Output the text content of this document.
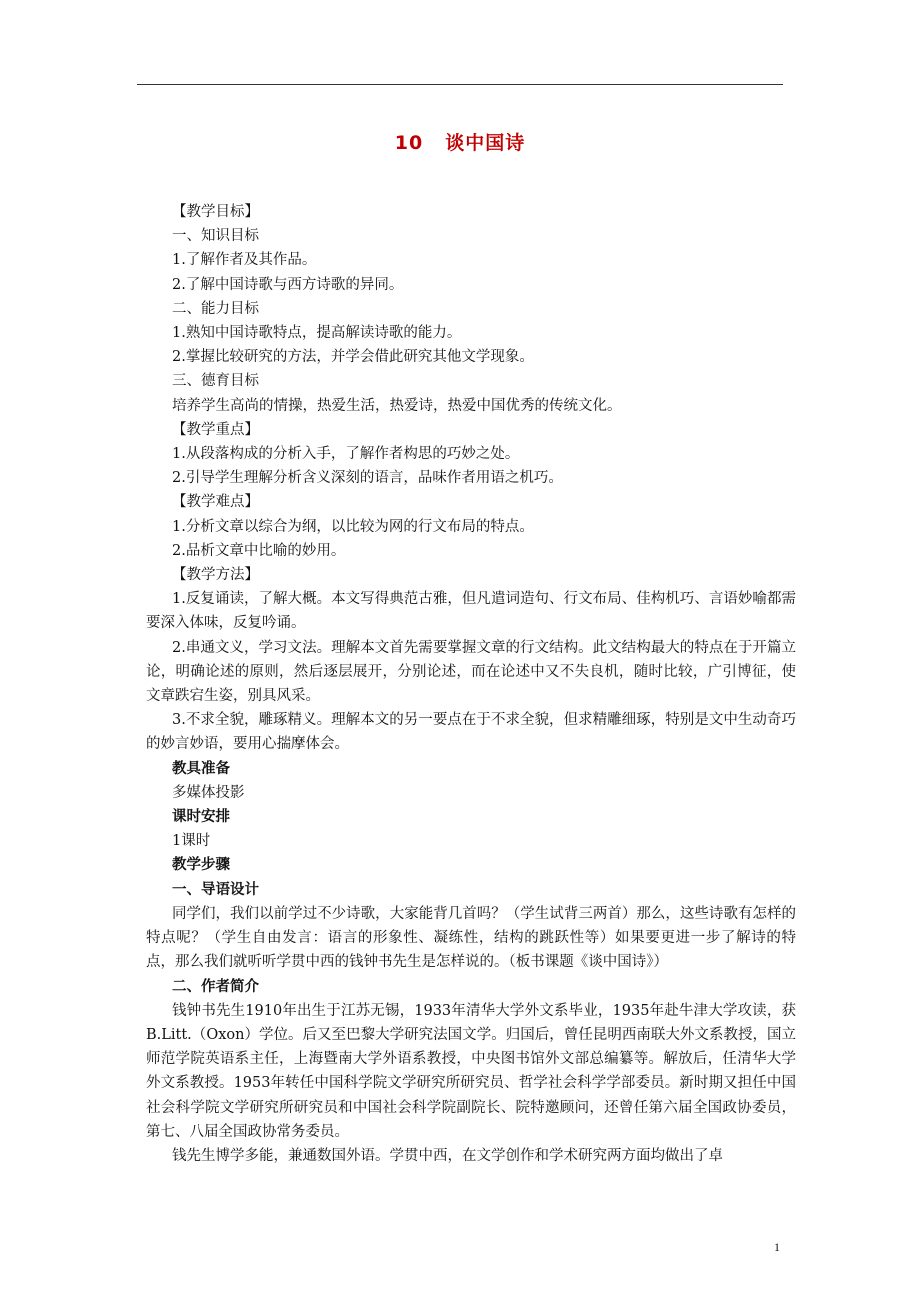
10 谈中国诗

【教学目标】

一、知识目标

1.了解作者及其作品。

2.了解中国诗歌与西方诗歌的异同。

二、能力目标

1.熟知中国诗歌特点，提高解读诗歌的能力。

2.掌握比较研究的方法，并学会借此研究其他文学现象。

三、德育目标

培养学生高尚的情操，热爱生活，热爱诗，热爱中国优秀的传统文化。

【教学重点】

1.从段落构成的分析入手，了解作者构思的巧妙之处。

2.引导学生理解分析含义深刻的语言，品味作者用语之机巧。

【教学难点】

1.分析文章以综合为纲，以比较为网的行文布局的特点。

2.品析文章中比喻的妙用。

【教学方法】

1.反复诵读，了解大概。本文写得典范古雅，但凡遣词造句、行文布局、佳构机巧、言语妙喻都需要深入体味，反复吟诵。

2.串通文义，学习文法。理解本文首先需要掌握文章的行文结构。此文结构最大的特点在于开篇立论，明确论述的原则，然后逐层展开，分别论述，而在论述中又不失良机，随时比较，广引博征，使文章跌宕生姿，别具风采。

3.不求全貌，雕琢精义。理解本文的另一要点在于不求全貌，但求精雕细琢，特别是文中生动奇巧的妙言妙语，要用心揣摩体会。

教具准备

多媒体投影

课时安排

1课时

教学步骤

一、导语设计

同学们，我们以前学过不少诗歌，大家能背几首吗？（学生试背三两首）那么，这些诗歌有怎样的特点呢？（学生自由发言：语言的形象性、凝练性，结构的跳跃性等）如果要更进一步了解诗的特点，那么我们就听听学贯中西的钱钟书先生是怎样说的。（板书课题《谈中国诗》）

二、作者简介

钱钟书先生1910年出生于江苏无锡，1933年清华大学外文系毕业，1935年赴牛津大学攻读，获B.Litt.（Oxon）学位。后又至巴黎大学研究法国文学。归国后，曾任昆明西南联大外文系教授，国立师范学院英语系主任，上海暨南大学外语系教授，中央图书馆外文部总编纂等。解放后，任清华大学外文系教授。1953年转任中国科学院文学研究所研究员、哲学社会科学学部委员。新时期又担任中国社会科学院文学研究所研究员和中国社会科学院副院长、院特邀顾问，还曾任第六届全国政协委员，第七、八届全国政协常务委员。

钱先生博学多能，兼通数国外语。学贯中西，在文学创作和学术研究两方面均做出了卓

1
